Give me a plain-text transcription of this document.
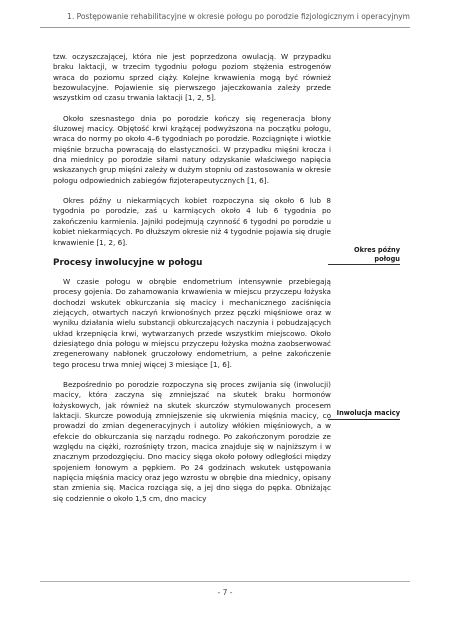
1. Postępowanie rehabilitacyjne w okresie połogu po porodzie fizjologicznym i operacyjnym

tzw. oczyszczającej, która nie jest poprzedzona owulacją. W przypadku braku laktacji, w trzecim tygodniu połogu poziom stężenia estrogenów wraca do poziomu sprzed ciąży. Kolejne krwawienia mogą być również bezowulacyjne. Pojawienie się pierwszego jajeczkowania zależy przede wszystkim od czasu trwania laktacji [1, 2, 5].

Około szesnastego dnia po porodzie kończy się regeneracja błony śluzowej macicy. Objętość krwi krążącej podwyższona na początku połogu, wraca do normy po około 4–6 tygodniach po porodzie. Rozciągnięte i wiotkie mięśnie brzucha powracają do elastyczności. W przypadku mięśni krocza i dna miednicy po porodzie siłami natury odzyskanie właściwego napięcia wskazanych grup mięśni zależy w dużym stopniu od zastosowania w okresie połogu odpowiednich zabiegów fizjoterapeutycznych [1, 6].

Okres późny u niekarmiących kobiet rozpoczyna się około 6 lub 8 tygodnia po porodzie, zaś u karmiących około 4 lub 6 tygodnia po zakończeniu karmienia. Jajniki podejmują czynność 6 tygodni po porodzie u kobiet niekarmiących. Po dłuższym okresie niż 4 tygodnie pojawia się drugie krwawienie [1, 2, 6].

Procesy inwolucyjne w połogu

W czasie połogu w obrębie endometrium intensywnie przebiegają procesy gojenia. Do zahamowania krwawienia w miejscu przyczepu łożyska dochodzi wskutek obkurczania się macicy i mechanicznego zaciśnięcia ziejących, otwartych naczyń krwionośnych przez pęczki mięśniowe oraz w wyniku działania wielu substancji obkurczających naczynia i pobudzających układ krzepnięcia krwi, wytwarzanych przede wszystkim miejscowo. Około dziesiątego dnia połogu w miejscu przyczepu łożyska można zaobserwować zregenerowany nabłonek gruczołowy endometrium, a pełne zakończenie tego procesu trwa mniej więcej 3 miesiące [1, 6].

Bezpośrednio po porodzie rozpoczyna się proces zwijania się (inwolucji) macicy, która zaczyna się zmniejszać na skutek braku hormonów łożyskowych, jak również na skutek skurczów stymulowanych procesem laktacji. Skurcze powodują zmniejszenie się ukrwienia mięśnia macicy, co prowadzi do zmian degeneracyjnych i autolizy włókien mięśniowych, a w efekcie do obkurczania się narządu rodnego. Po zakończonym porodzie ze względu na ciężki, rozrośnięty trzon, macica znajduje się w najniższym i w znacznym przodozgięciu. Dno macicy sięga około połowy odległości między spojeniem łonowym a pępkiem. Po 24 godzinach wskutek ustępowania napięcia mięśnia macicy oraz jego wzrostu w obrębie dna miednicy, opisany stan zmienia się. Macica rozciąga się, a jej dno sięga do pępka. Obniżając się codziennie o około 1,5 cm, dno macicy

Okres późny połogu
Inwolucja macicy
- 7 -
